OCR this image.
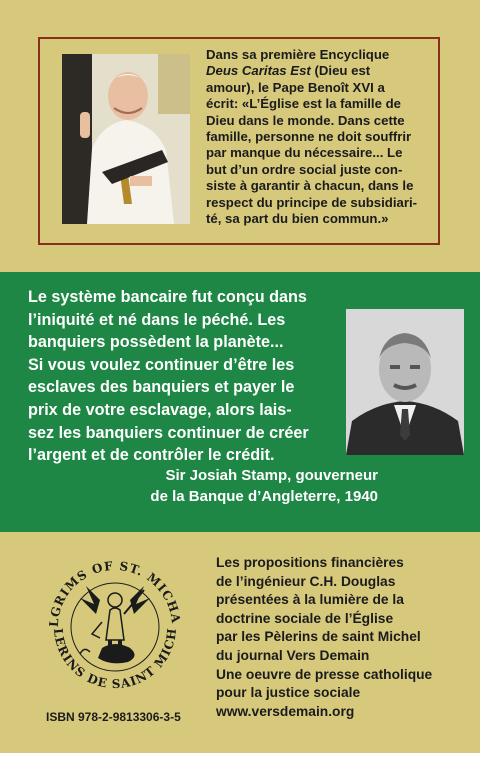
Dans sa première Encyclique
Deus Caritas Est (Dieu est
amour), le Pape Benoît XVI a
écrit: «L’Église est la famille de
Dieu dans le monde. Dans cette
famille, personne ne doit souffrir
par manque du nécessaire... Le
but d’un ordre social juste con-
siste à garantir à chacun, dans le
respect du principe de subsidiari-
té, sa part du bien commun.»
Le système bancaire fut conçu dans
l’iniquité et né dans le péché. Les
banquiers possèdent la planète...
Si vous voulez continuer d’être les
esclaves des banquiers et payer le
prix de votre esclavage, alors lais-
sez les banquiers continuer de créer
l’argent et de contrôler le crédit.
Sir Josiah Stamp, gouverneur
de la Banque d’Angleterre, 1940
LGRIMS OF ST. MICHA
LERINS DE SAINT MICH
ISBN 978-2-9813306-3-5
Les propositions financières
de l’ingénieur C.H. Douglas
présentées à la lumière de la
doctrine sociale de l’Église
par les Pèlerins de saint Michel
du journal Vers Demain
Une oeuvre de presse catholique
pour la justice sociale
www.versdemain.org
